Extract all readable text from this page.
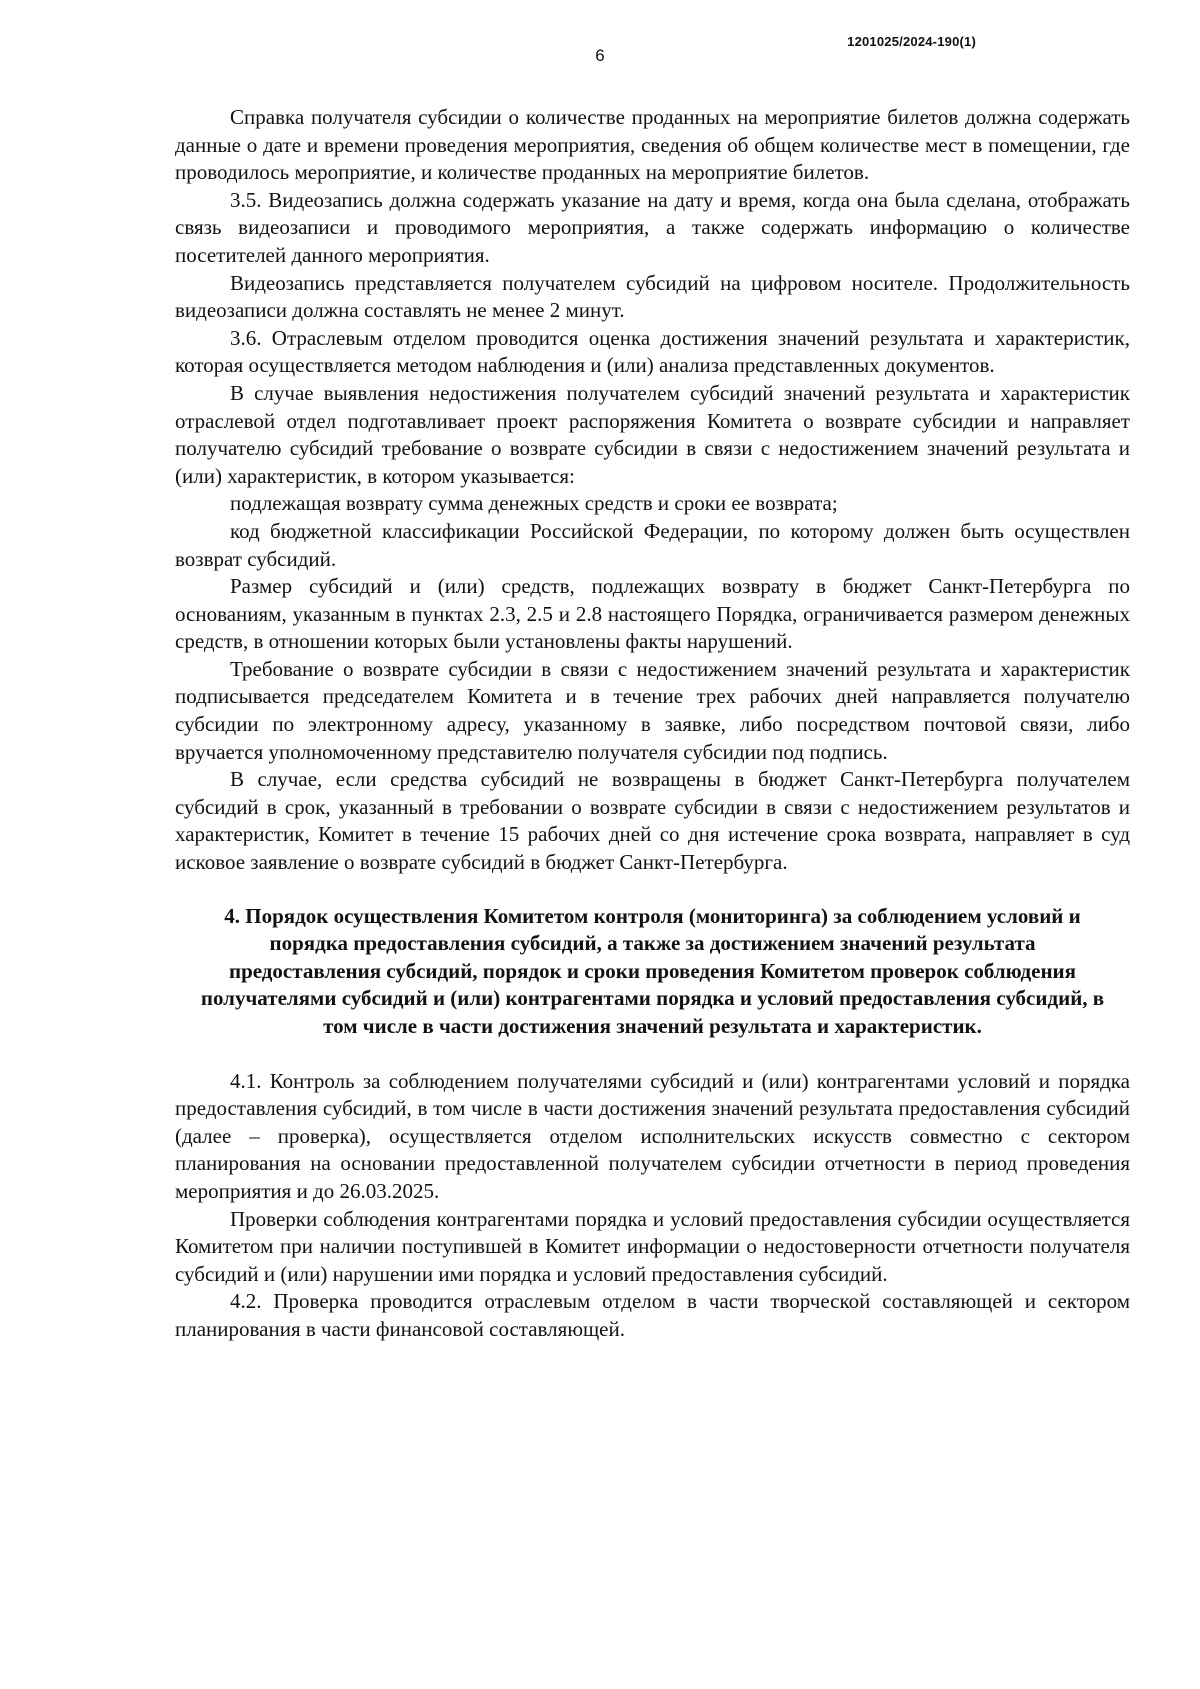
1201025/2024-190(1)
6

Справка получателя субсидии о количестве проданных на мероприятие билетов должна содержать данные о дате и времени проведения мероприятия, сведения об общем количестве мест в помещении, где проводилось мероприятие, и количестве проданных на мероприятие билетов.

3.5. Видеозапись должна содержать указание на дату и время, когда она была сделана, отображать связь видеозаписи и проводимого мероприятия, а также содержать информацию о количестве посетителей данного мероприятия.

Видеозапись представляется получателем субсидий на цифровом носителе. Продолжительность видеозаписи должна составлять не менее 2 минут.

3.6. Отраслевым отделом проводится оценка достижения значений результата и характеристик, которая осуществляется методом наблюдения и (или) анализа представленных документов.

В случае выявления недостижения получателем субсидий значений результата и характеристик отраслевой отдел подготавливает проект распоряжения Комитета о возврате субсидии и направляет получателю субсидий требование о возврате субсидии в связи с недостижением значений результата и (или) характеристик, в котором указывается:

подлежащая возврату сумма денежных средств и сроки ее возврата;

код бюджетной классификации Российской Федерации, по которому должен быть осуществлен возврат субсидий.

Размер субсидий и (или) средств, подлежащих возврату в бюджет Санкт-Петербурга по основаниям, указанным в пунктах 2.3, 2.5 и 2.8 настоящего Порядка, ограничивается размером денежных средств, в отношении которых были установлены факты нарушений.

Требование о возврате субсидии в связи с недостижением значений результата и характеристик подписывается председателем Комитета и в течение трех рабочих дней направляется получателю субсидии по электронному адресу, указанному в заявке, либо посредством почтовой связи, либо вручается уполномоченному представителю получателя субсидии под подпись.

В случае, если средства субсидий не возвращены в бюджет Санкт-Петербурга получателем субсидий в срок, указанный в требовании о возврате субсидии в связи с недостижением результатов и характеристик, Комитет в течение 15 рабочих дней со дня истечение срока возврата, направляет в суд исковое заявление о возврате субсидий в бюджет Санкт-Петербурга.

4. Порядок осуществления Комитетом контроля (мониторинга) за соблюдением условий и порядка предоставления субсидий, а также за достижением значений результата предоставления субсидий, порядок и сроки проведения Комитетом проверок соблюдения получателями субсидий и (или) контрагентами порядка и условий предоставления субсидий, в том числе в части достижения значений результата и характеристик.

4.1. Контроль за соблюдением получателями субсидий и (или) контрагентами условий и порядка предоставления субсидий, в том числе в части достижения значений результата предоставления субсидий (далее – проверка), осуществляется отделом исполнительских искусств совместно с сектором планирования на основании предоставленной получателем субсидии отчетности в период проведения мероприятия и до 26.03.2025.

Проверки соблюдения контрагентами порядка и условий предоставления субсидии осуществляется Комитетом при наличии поступившей в Комитет информации о недостоверности отчетности получателя субсидий и (или) нарушении ими порядка и условий предоставления субсидий.

4.2. Проверка проводится отраслевым отделом в части творческой составляющей и сектором планирования в части финансовой составляющей.
